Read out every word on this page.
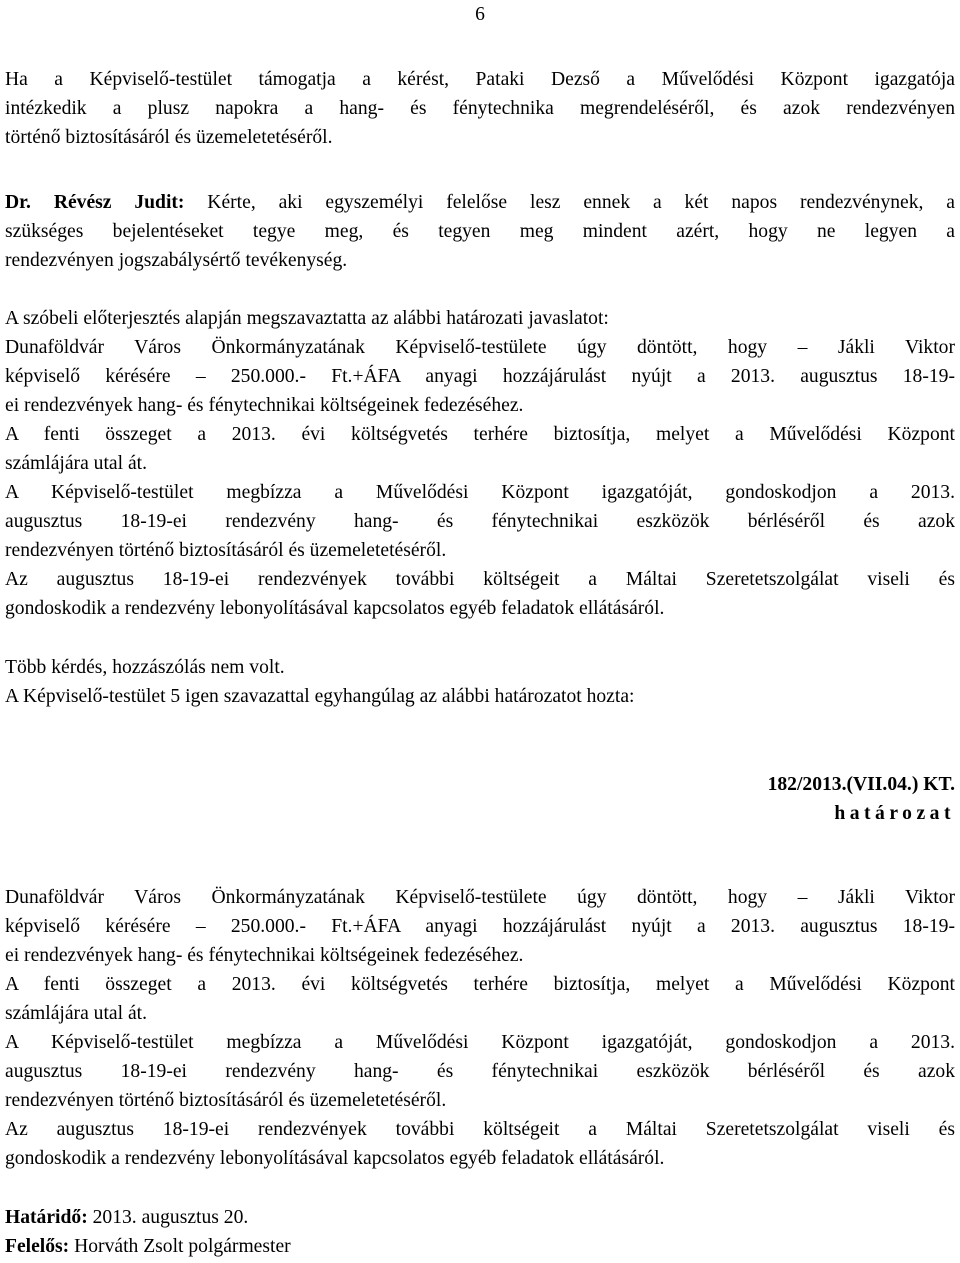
6
Ha a Képviselő-testület támogatja a kérést, Pataki Dezső a Művelődési Központ igazgatója
intézkedik a plusz napokra a hang- és fénytechnika megrendeléséről, és azok rendezvényen
történő biztosításáról és üzemeletetéséről.
Dr. Révész Judit: Kérte, aki egyszemélyi felelőse lesz ennek a két napos rendezvénynek, a
szükséges bejelentéseket tegye meg, és tegyen meg mindent azért, hogy ne legyen a
rendezvényen jogszabálysértő tevékenység.
A szóbeli előterjesztés alapján megszavaztatta az alábbi határozati javaslatot:
Dunaföldvár Város Önkormányzatának Képviselő-testülete úgy döntött, hogy – Jákli Viktor
képviselő kérésére – 250.000.- Ft.+ÁFA anyagi hozzájárulást nyújt a 2013. augusztus 18-19-
ei rendezvények hang- és fénytechnikai költségeinek fedezéséhez.
A fenti összeget a 2013. évi költségvetés terhére biztosítja, melyet a Művelődési Központ
számlájára utal át.
A Képviselő-testület megbízza a Művelődési Központ igazgatóját, gondoskodjon a 2013.
augusztus 18-19-ei rendezvény hang- és fénytechnikai eszközök bérléséről és azok
rendezvényen történő biztosításáról és üzemeletetéséről.
Az augusztus 18-19-ei rendezvények további költségeit a Máltai Szeretetszolgálat viseli és
gondoskodik a rendezvény lebonyolításával kapcsolatos egyéb feladatok ellátásáról.
Több kérdés, hozzászólás nem volt.
A Képviselő-testület 5 igen szavazattal egyhangúlag az alábbi határozatot hozta:
182/2013.(VII.04.) KT.
határozat
Dunaföldvár Város Önkormányzatának Képviselő-testülete úgy döntött, hogy – Jákli Viktor
képviselő kérésére – 250.000.- Ft.+ÁFA anyagi hozzájárulást nyújt a 2013. augusztus 18-19-
ei rendezvények hang- és fénytechnikai költségeinek fedezéséhez.
A fenti összeget a 2013. évi költségvetés terhére biztosítja, melyet a Művelődési Központ
számlájára utal át.
A Képviselő-testület megbízza a Művelődési Központ igazgatóját, gondoskodjon a 2013.
augusztus 18-19-ei rendezvény hang- és fénytechnikai eszközök bérléséről és azok
rendezvényen történő biztosításáról és üzemeletetéséről.
Az augusztus 18-19-ei rendezvények további költségeit a Máltai Szeretetszolgálat viseli és
gondoskodik a rendezvény lebonyolításával kapcsolatos egyéb feladatok ellátásáról.
Határidő: 2013. augusztus 20.
Felelős: Horváth Zsolt polgármester
